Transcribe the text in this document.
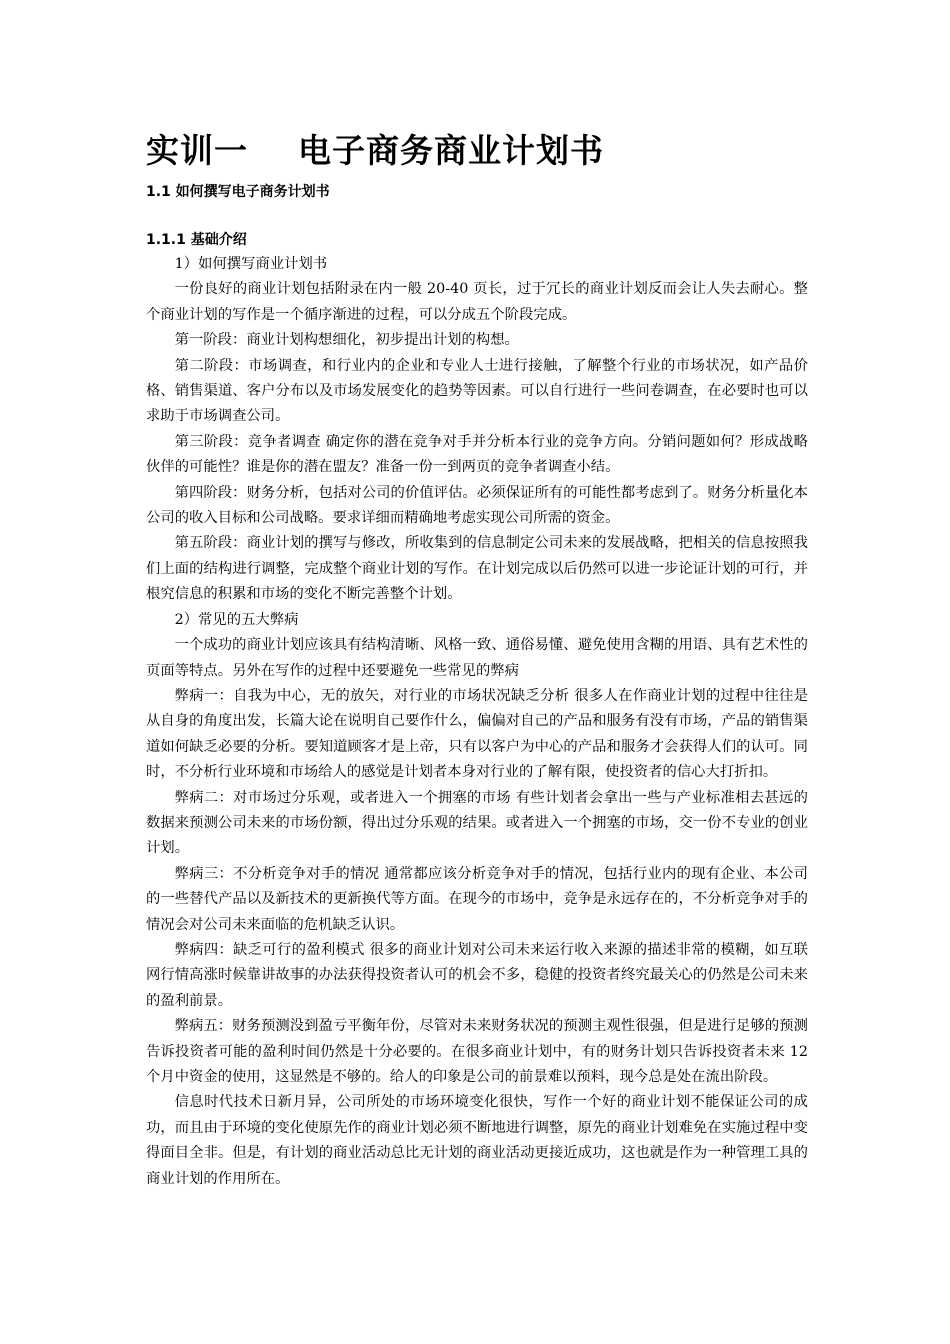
实训一    电子商务商业计划书
1.1 如何撰写电子商务计划书
1.1.1 基础介绍

1）如何撰写商业计划书

一份良好的商业计划包括附录在内一般 20-40 页长，过于冗长的商业计划反而会让人失去耐心。整个商业计划的写作是一个循序渐进的过程，可以分成五个阶段完成。

第一阶段：商业计划构想细化，初步提出计划的构想。

第二阶段：市场调查，和行业内的企业和专业人士进行接触，了解整个行业的市场状况，如产品价格、销售渠道、客户分布以及市场发展变化的趋势等因素。可以自行进行一些问卷调查，在必要时也可以求助于市场调查公司。

第三阶段：竞争者调查 确定你的潜在竞争对手并分析本行业的竞争方向。分销问题如何？形成战略伙伴的可能性？谁是你的潜在盟友？准备一份一到两页的竞争者调查小结。

第四阶段：财务分析，包括对公司的价值评估。必须保证所有的可能性都考虑到了。财务分析量化本公司的收入目标和公司战略。要求详细而精确地考虑实现公司所需的资金。

第五阶段：商业计划的撰写与修改，所收集到的信息制定公司未来的发展战略，把相关的信息按照我们上面的结构进行调整，完成整个商业计划的写作。在计划完成以后仍然可以进一步论证计划的可行，并根究信息的积累和市场的变化不断完善整个计划。

2）常见的五大弊病

一个成功的商业计划应该具有结构清晰、风格一致、通俗易懂、避免使用含糊的用语、具有艺术性的页面等特点。另外在写作的过程中还要避免一些常见的弊病

弊病一：自我为中心，无的放矢，对行业的市场状况缺乏分析 很多人在作商业计划的过程中往往是从自身的角度出发，长篇大论在说明自己要作什么，偏偏对自己的产品和服务有没有市场，产品的销售渠道如何缺乏必要的分析。要知道顾客才是上帝，只有以客户为中心的产品和服务才会获得人们的认可。同时，不分析行业环境和市场给人的感觉是计划者本身对行业的了解有限，使投资者的信心大打折扣。

弊病二：对市场过分乐观，或者进入一个拥塞的市场 有些计划者会拿出一些与产业标准相去甚远的数据来预测公司未来的市场份额，得出过分乐观的结果。或者进入一个拥塞的市场，交一份不专业的创业计划。

弊病三：不分析竞争对手的情况 通常都应该分析竞争对手的情况，包括行业内的现有企业、本公司的一些替代产品以及新技术的更新换代等方面。在现今的市场中，竞争是永远存在的，不分析竞争对手的情况会对公司未来面临的危机缺乏认识。

弊病四：缺乏可行的盈利模式 很多的商业计划对公司未来运行收入来源的描述非常的模糊，如互联网行情高涨时候靠讲故事的办法获得投资者认可的机会不多，稳健的投资者终究最关心的仍然是公司未来的盈利前景。

弊病五：财务预测没到盈亏平衡年份，尽管对未来财务状况的预测主观性很强，但是进行足够的预测告诉投资者可能的盈利时间仍然是十分必要的。在很多商业计划中，有的财务计划只告诉投资者未来 12 个月中资金的使用，这显然是不够的。给人的印象是公司的前景难以预料，现今总是处在流出阶段。

信息时代技术日新月异，公司所处的市场环境变化很快，写作一个好的商业计划不能保证公司的成功，而且由于环境的变化使原先作的商业计划必须不断地进行调整，原先的商业计划难免在实施过程中变得面目全非。但是，有计划的商业活动总比无计划的商业活动更接近成功，这也就是作为一种管理工具的商业计划的作用所在。
